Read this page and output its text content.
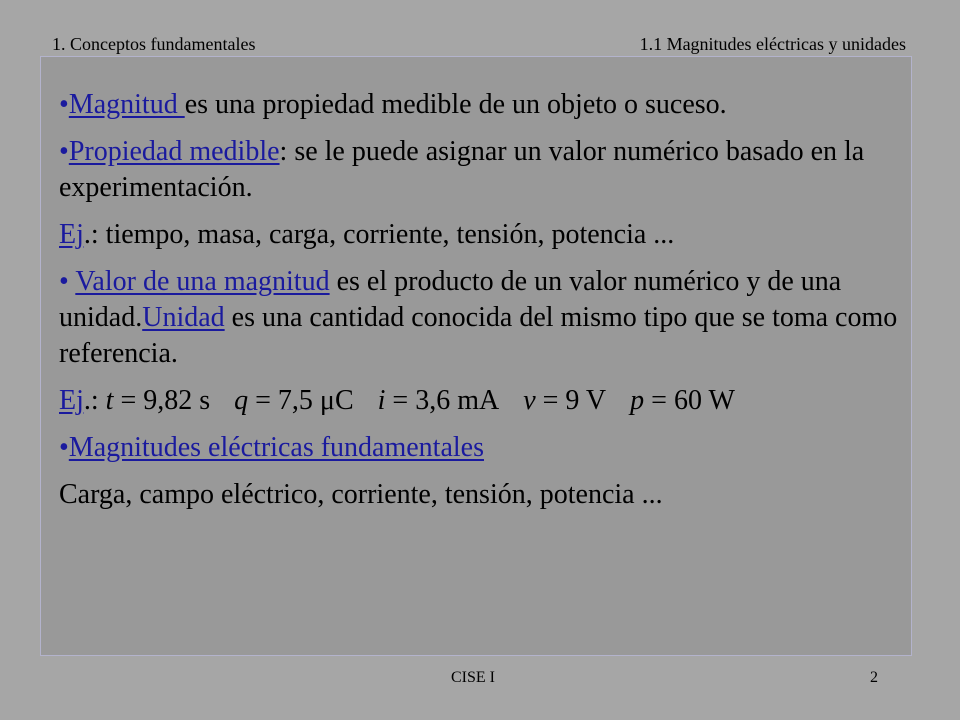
1. Conceptos fundamentales	1.1 Magnitudes eléctricas y unidades

•Magnitud es una propiedad medible de un objeto o suceso.

•Propiedad medible: se le puede asignar un valor numérico basado en la experimentación.

Ej.: tiempo, masa, carga, corriente, tensión, potencia ...

• Valor de una magnitud es el producto de un valor numérico y de una unidad.Unidad es una cantidad conocida del mismo tipo que se toma como referencia.

Ej.: t = 9,82 s q = 7,5 μC i = 3,6 mA v = 9 V p = 60 W

•Magnitudes eléctricas fundamentales

Carga, campo eléctrico, corriente, tensión, potencia ...

CISE I	2
